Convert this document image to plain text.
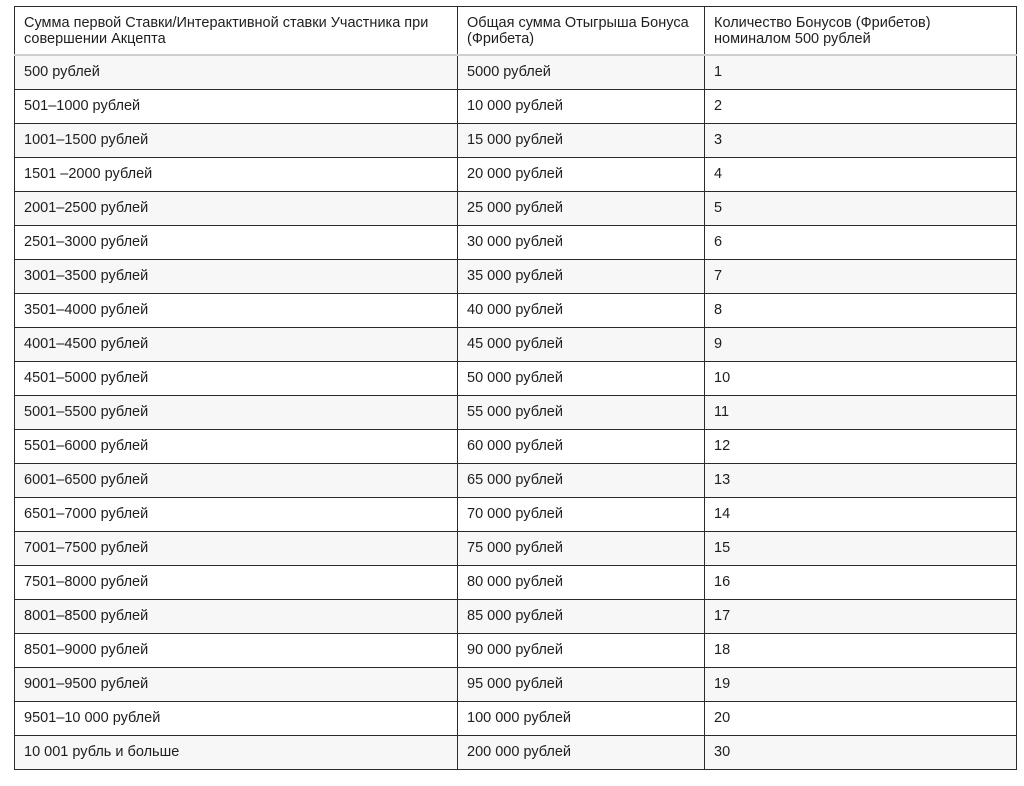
Сумма первой Ставки/Интерактивной ставки Участника при совершении Акцепта	Общая сумма Отыгрыша Бонуса (Фрибета)	Количество Бонусов (Фрибетов) номиналом 500 рублей
500 рублей	5000 рублей	1
501–1000 рублей	10 000 рублей	2
1001–1500 рублей	15 000 рублей	3
1501 –2000 рублей	20 000 рублей	4
2001–2500 рублей	25 000 рублей	5
2501–3000 рублей	30 000 рублей	6
3001–3500 рублей	35 000 рублей	7
3501–4000 рублей	40 000 рублей	8
4001–4500 рублей	45 000 рублей	9
4501–5000 рублей	50 000 рублей	10
5001–5500 рублей	55 000 рублей	11
5501–6000 рублей	60 000 рублей	12
6001–6500 рублей	65 000 рублей	13
6501–7000 рублей	70 000 рублей	14
7001–7500 рублей	75 000 рублей	15
7501–8000 рублей	80 000 рублей	16
8001–8500 рублей	85 000 рублей	17
8501–9000 рублей	90 000 рублей	18
9001–9500 рублей	95 000 рублей	19
9501–10 000 рублей	100 000 рублей	20
10 001 рубль и больше	200 000 рублей	30
